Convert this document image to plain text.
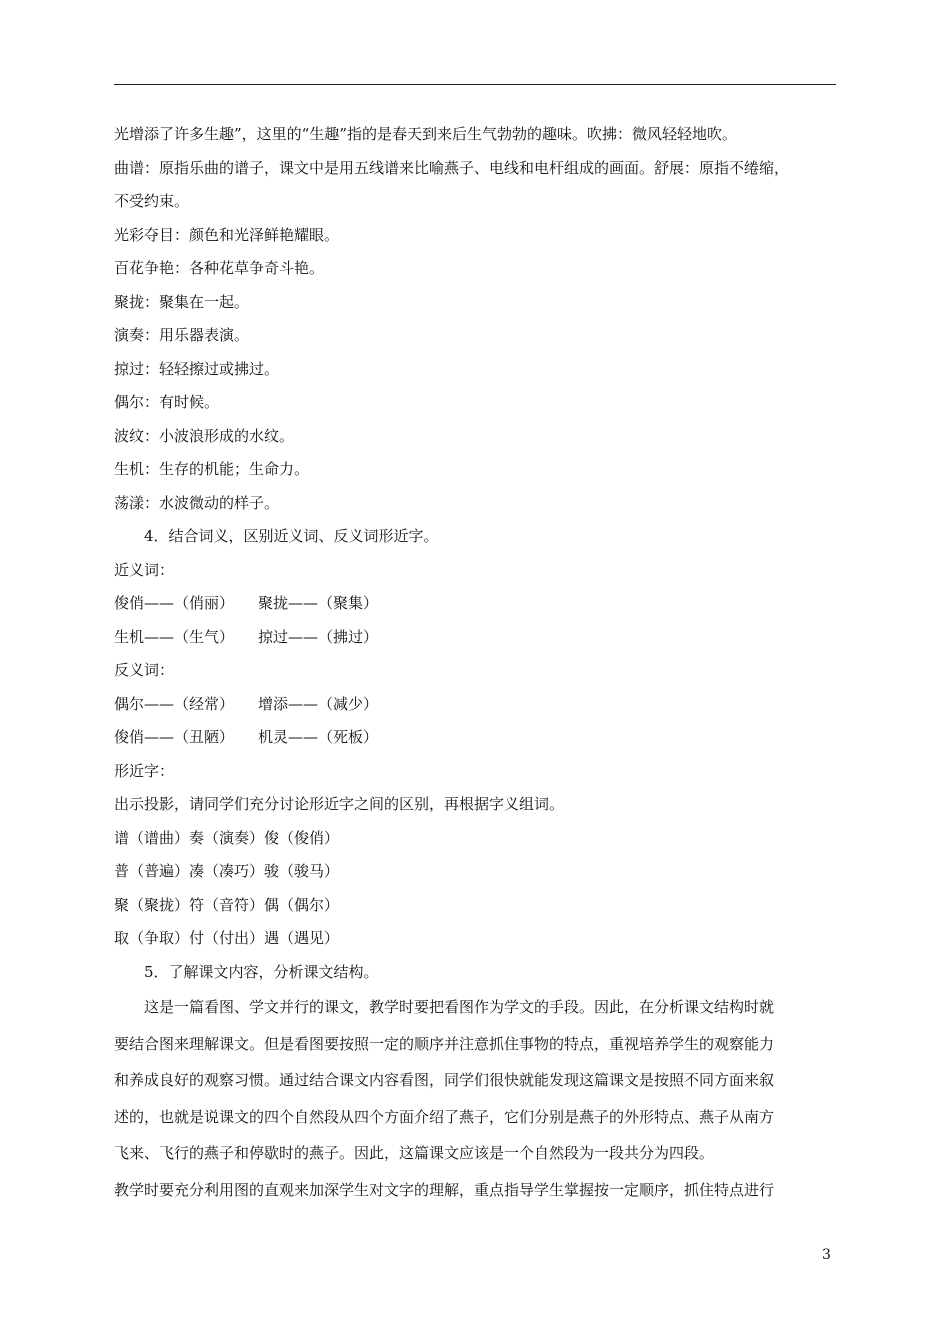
光增添了许多生趣”，这里的“生趣”指的是春天到来后生气勃勃的趣味。吹拂：微风轻轻地吹。
曲谱：原指乐曲的谱子，课文中是用五线谱来比喻燕子、电线和电杆组成的画面。舒展：原指不绻缩，
不受约束。
光彩夺目：颜色和光泽鲜艳耀眼。
百花争艳：各种花草争奇斗艳。
聚拢：聚集在一起。
演奏：用乐器表演。
掠过：轻轻擦过或拂过。
偶尔：有时候。
波纹：小波浪形成的水纹。
生机：生存的机能；生命力。
荡漾：水波微动的样子。
4．结合词义，区别近义词、反义词形近字。
近义词：
俊俏——（俏丽） 聚拢——（聚集）
生机——（生气） 掠过——（拂过）
反义词：
偶尔——（经常） 增添——（减少）
俊俏——（丑陋） 机灵——（死板）
形近字：
出示投影，请同学们充分讨论形近字之间的区别，再根据字义组词。
谱（谱曲）奏（演奏）俊（俊俏）
普（普遍）凑（凑巧）骏（骏马）
聚（聚拢）符（音符）偶（偶尔）
取（争取）付（付出）遇（遇见）
5．了解课文内容，分析课文结构。
这是一篇看图、学文并行的课文，教学时要把看图作为学文的手段。因此，在分析课文结构时就
要结合图来理解课文。但是看图要按照一定的顺序并注意抓住事物的特点，重视培养学生的观察能力
和养成良好的观察习惯。通过结合课文内容看图，同学们很快就能发现这篇课文是按照不同方面来叙
述的，也就是说课文的四个自然段从四个方面介绍了燕子，它们分别是燕子的外形特点、燕子从南方
飞来、飞行的燕子和停歇时的燕子。因此，这篇课文应该是一个自然段为一段共分为四段。
教学时要充分利用图的直观来加深学生对文字的理解，重点指导学生掌握按一定顺序，抓住特点进行
3
